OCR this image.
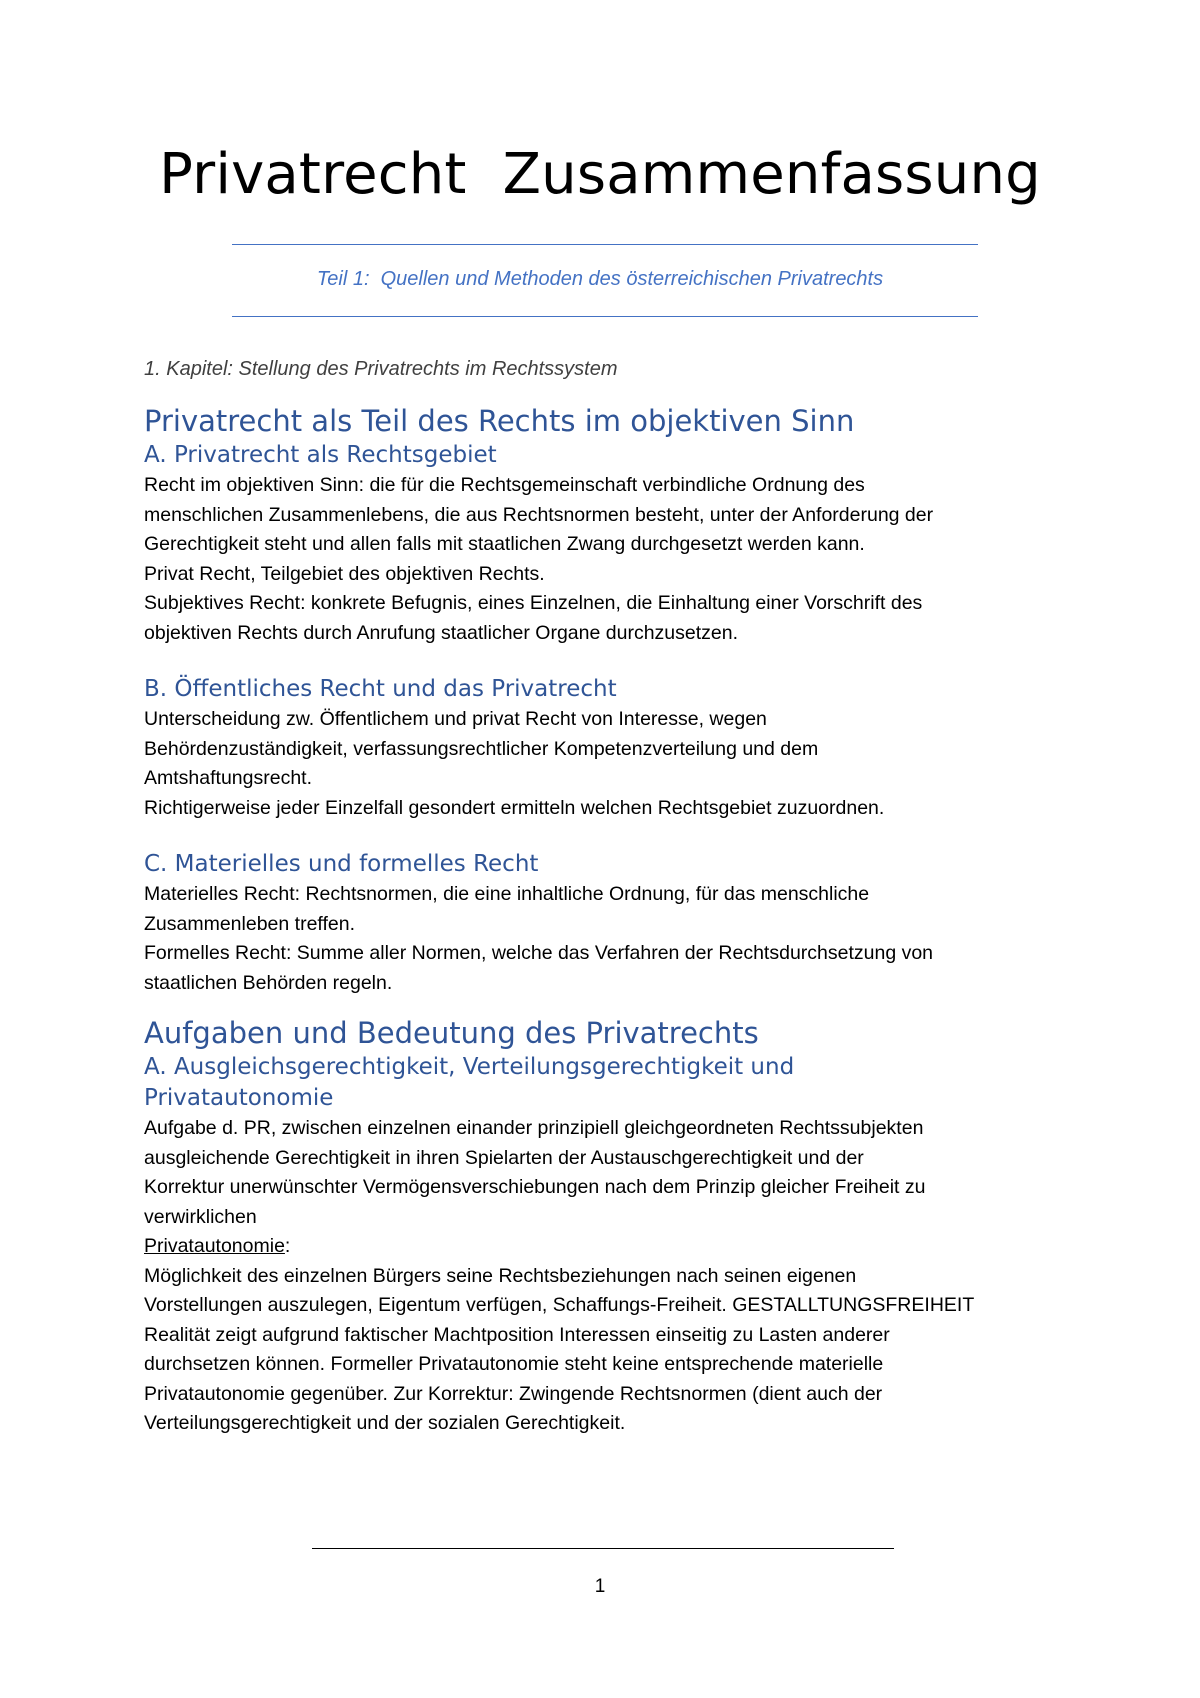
Privatrecht  Zusammenfassung
Teil 1:  Quellen und Methoden des österreichischen Privatrechts
1. Kapitel: Stellung des Privatrechts im Rechtssystem
Privatrecht als Teil des Rechts im objektiven Sinn
A. Privatrecht als Rechtsgebiet
Recht im objektiven Sinn: die für die Rechtsgemeinschaft verbindliche Ordnung des
menschlichen Zusammenlebens, die aus Rechtsnormen besteht, unter der Anforderung der
Gerechtigkeit steht und allen falls mit staatlichen Zwang durchgesetzt werden kann.
Privat Recht, Teilgebiet des objektiven Rechts.
Subjektives Recht: konkrete Befugnis, eines Einzelnen, die Einhaltung einer Vorschrift des
objektiven Rechts durch Anrufung staatlicher Organe durchzusetzen.
B. Öffentliches Recht und das Privatrecht
Unterscheidung zw. Öffentlichem und privat Recht von Interesse, wegen
Behördenzuständigkeit, verfassungsrechtlicher Kompetenzverteilung und dem
Amtshaftungsrecht.
Richtigerweise jeder Einzelfall gesondert ermitteln welchen Rechtsgebiet zuzuordnen.
C. Materielles und formelles Recht
Materielles Recht: Rechtsnormen, die eine inhaltliche Ordnung, für das menschliche
Zusammenleben treffen.
Formelles Recht: Summe aller Normen, welche das Verfahren der Rechtsdurchsetzung von
staatlichen Behörden regeln.
Aufgaben und Bedeutung des Privatrechts
A. Ausgleichsgerechtigkeit, Verteilungsgerechtigkeit und
Privatautonomie
Aufgabe d. PR, zwischen einzelnen einander prinzipiell gleichgeordneten Rechtssubjekten
ausgleichende Gerechtigkeit in ihren Spielarten der Austauschgerechtigkeit und der
Korrektur unerwünschter Vermögensverschiebungen nach dem Prinzip gleicher Freiheit zu
verwirklichen
Privatautonomie:
Möglichkeit des einzelnen Bürgers seine Rechtsbeziehungen nach seinen eigenen
Vorstellungen auszulegen, Eigentum verfügen, Schaffungs-Freiheit. GESTALLTUNGSFREIHEIT
Realität zeigt aufgrund faktischer Machtposition Interessen einseitig zu Lasten anderer
durchsetzen können. Formeller Privatautonomie steht keine entsprechende materielle
Privatautonomie gegenüber. Zur Korrektur: Zwingende Rechtsnormen (dient auch der
Verteilungsgerechtigkeit und der sozialen Gerechtigkeit.
1
